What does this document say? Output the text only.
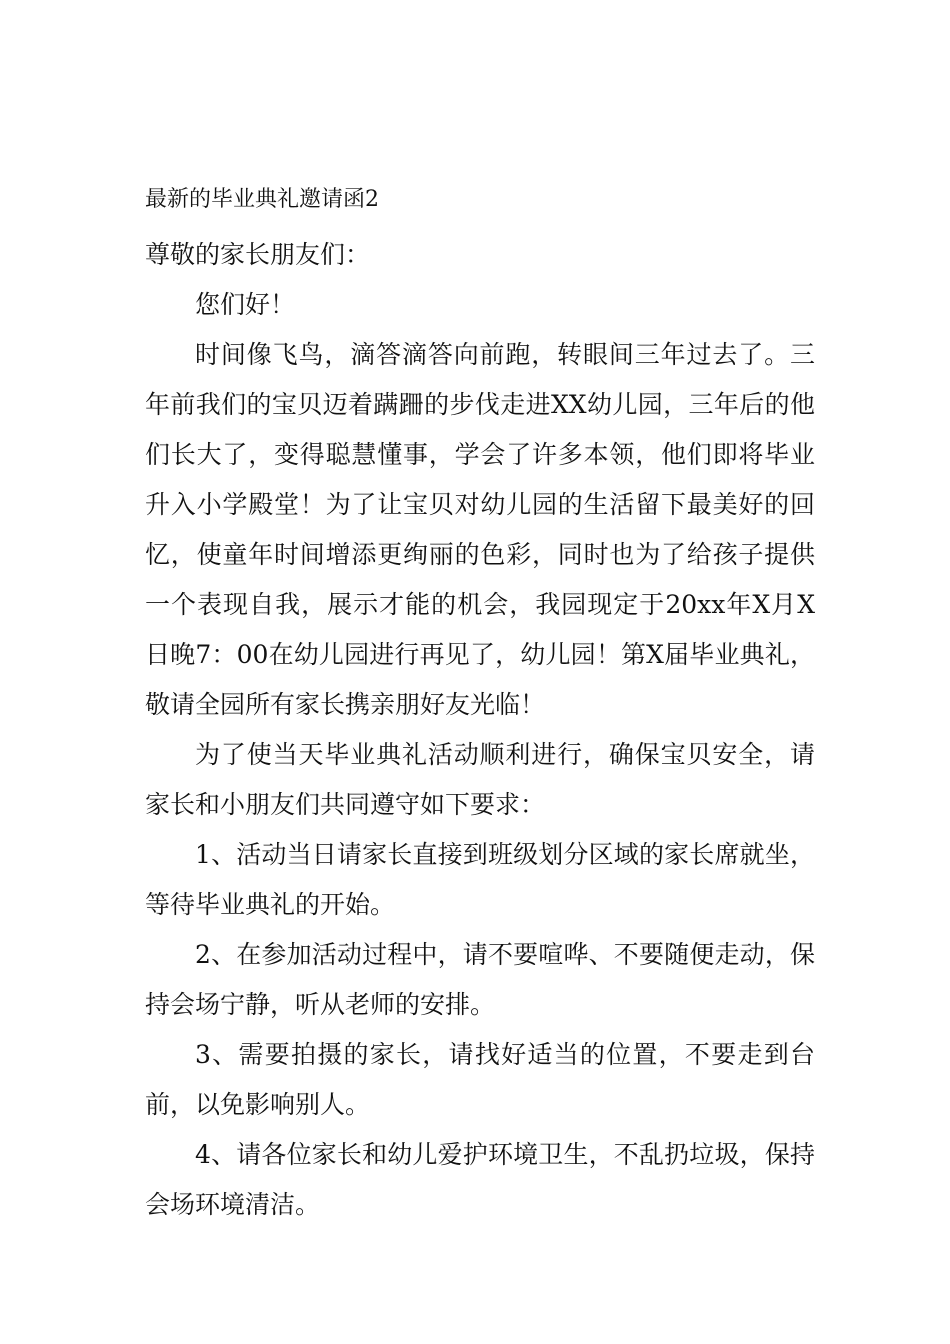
最新的毕业典礼邀请函2

尊敬的家长朋友们：

您们好！

时间像飞鸟，滴答滴答向前跑，转眼间三年过去了。三年前我们的宝贝迈着蹒跚的步伐走进XX幼儿园，三年后的他们长大了，变得聪慧懂事，学会了许多本领，他们即将毕业升入小学殿堂！为了让宝贝对幼儿园的生活留下最美好的回忆，使童年时间增添更绚丽的色彩，同时也为了给孩子提供一个表现自我，展示才能的机会，我园现定于20xx年X月X日晚7：00在幼儿园进行再见了，幼儿园！第X届毕业典礼，敬请全园所有家长携亲朋好友光临！

为了使当天毕业典礼活动顺利进行，确保宝贝安全，请家长和小朋友们共同遵守如下要求：

1、活动当日请家长直接到班级划分区域的家长席就坐，等待毕业典礼的开始。

2、在参加活动过程中，请不要喧哗、不要随便走动，保持会场宁静，听从老师的安排。

3、需要拍摄的家长，请找好适当的位置，不要走到台前，以免影响别人。

4、请各位家长和幼儿爱护环境卫生，不乱扔垃圾，保持会场环境清洁。
